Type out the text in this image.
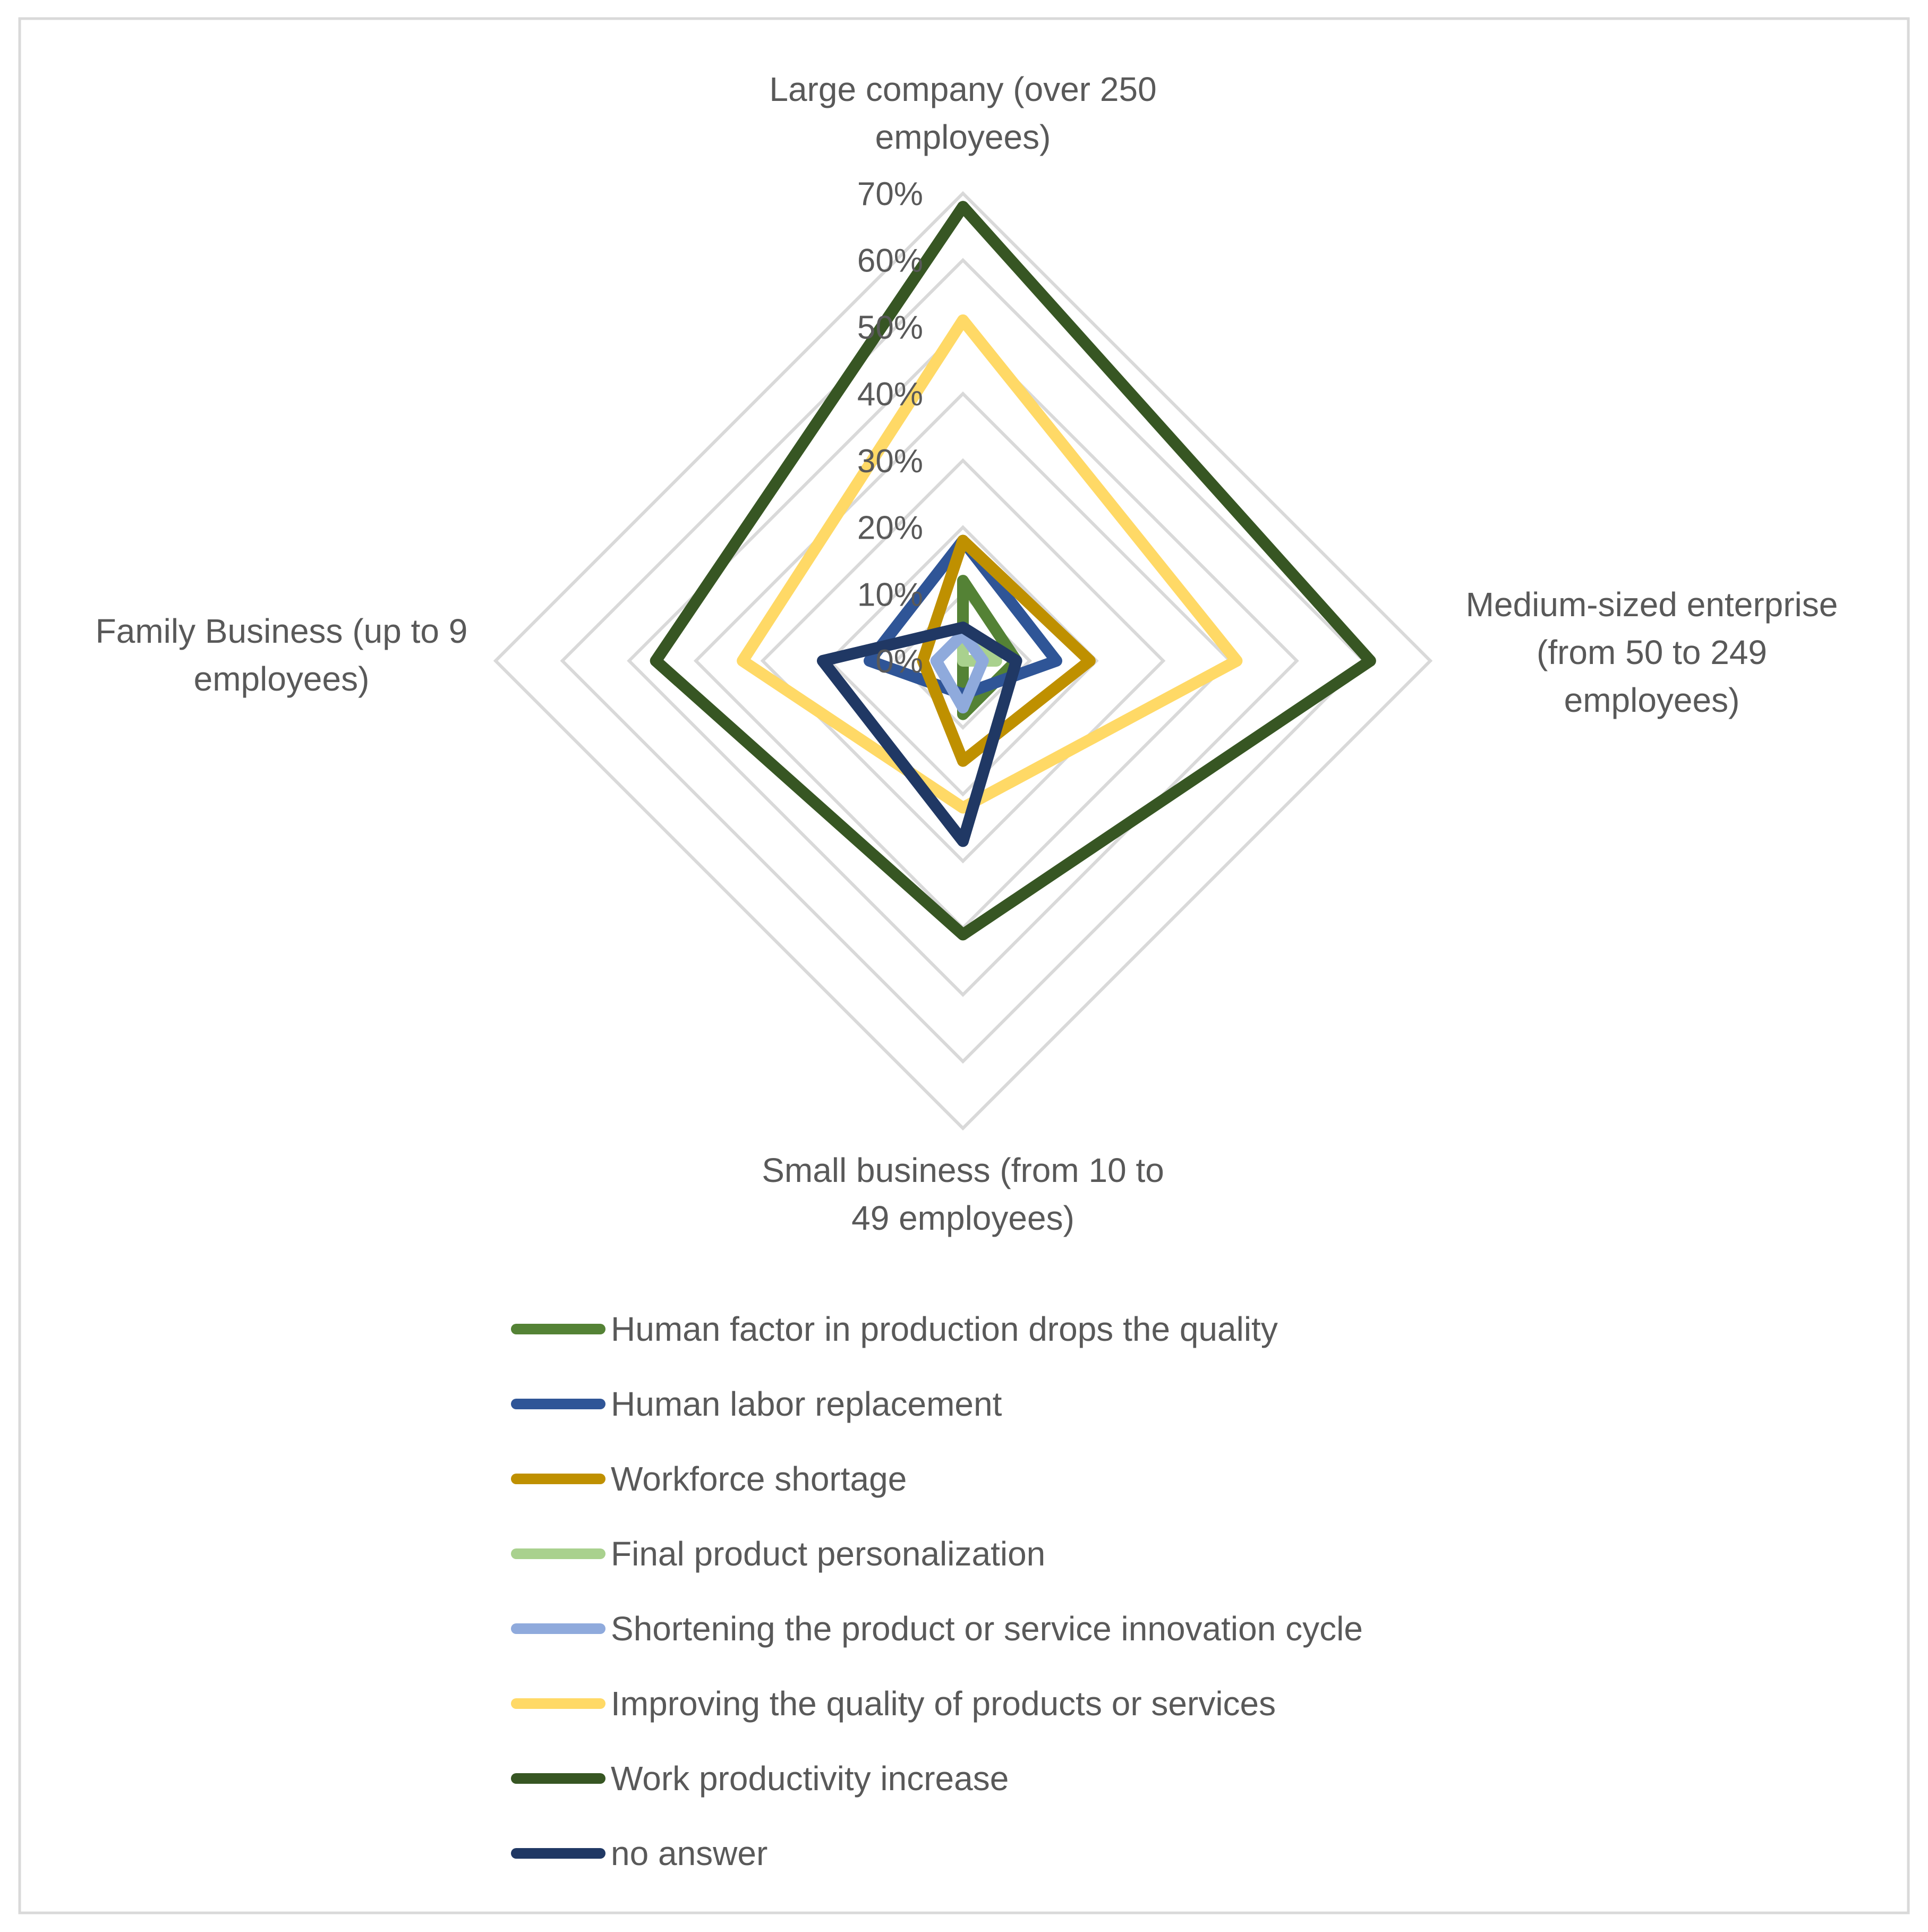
0%
10%
20%
30%
40%
50%
60%
70%
Large company (over 250 employees)
Medium-sized enterprise (from 50 to 249 employees)
Small business (from 10 to 49 employees)
Family Business (up to 9 employees)
Human factor in production drops the quality
Human labor replacement
Workforce shortage
Final product personalization
Shortening the product or service innovation cycle
Improving the quality of products or services
Work productivity increase
no answer
